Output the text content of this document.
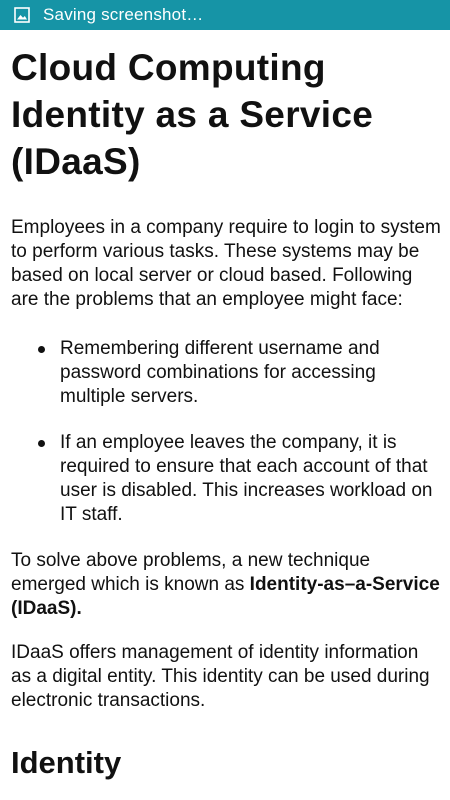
Saving screenshot…
Cloud Computing Identity as a Service (IDaaS)

Employees in a company require to login to system to perform various tasks. These systems may be based on local server or cloud based. Following are the problems that an employee might face:

Remembering different username and password combinations for accessing multiple servers.
If an employee leaves the company, it is required to ensure that each account of that user is disabled. This increases workload on IT staff.

To solve above problems, a new technique emerged which is known as Identity-as–a-Service (IDaaS).

IDaaS offers management of identity information as a digital entity. This identity can be used during electronic transactions.

Identity
